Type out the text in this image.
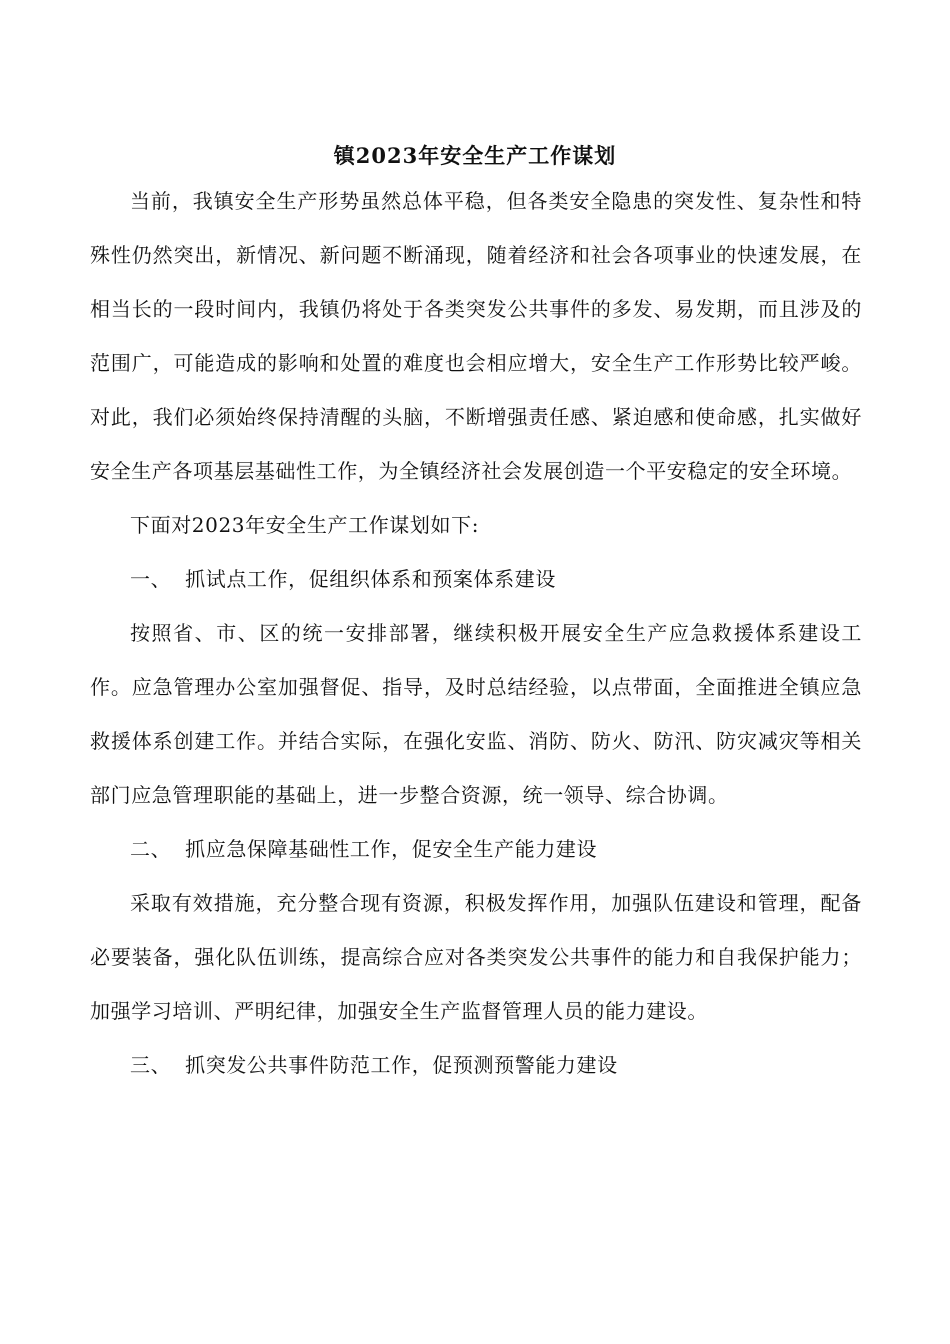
镇2023年安全生产工作谋划

当前，我镇安全生产形势虽然总体平稳，但各类安全隐患的突发性、复杂性和特殊性仍然突出，新情况、新问题不断涌现，随着经济和社会各项事业的快速发展，在相当长的一段时间内，我镇仍将处于各类突发公共事件的多发、易发期，而且涉及的范围广，可能造成的影响和处置的难度也会相应增大，安全生产工作形势比较严峻。对此，我们必须始终保持清醒的头脑，不断增强责任感、紧迫感和使命感，扎实做好安全生产各项基层基础性工作，为全镇经济社会发展创造一个平安稳定的安全环境。

下面对2023年安全生产工作谋划如下:

一、  抓试点工作，促组织体系和预案体系建设

按照省、市、区的统一安排部署，继续积极开展安全生产应急救援体系建设工作。应急管理办公室加强督促、指导，及时总结经验，以点带面，全面推进全镇应急救援体系创建工作。并结合实际，在强化安监、消防、防火、防汛、防灾减灾等相关部门应急管理职能的基础上，进一步整合资源，统一领导、综合协调。

二、  抓应急保障基础性工作，促安全生产能力建设

采取有效措施，充分整合现有资源，积极发挥作用，加强队伍建设和管理，配备必要装备，强化队伍训练，提高综合应对各类突发公共事件的能力和自我保护能力；加强学习培训、严明纪律，加强安全生产监督管理人员的能力建设。

三、  抓突发公共事件防范工作，促预测预警能力建设
